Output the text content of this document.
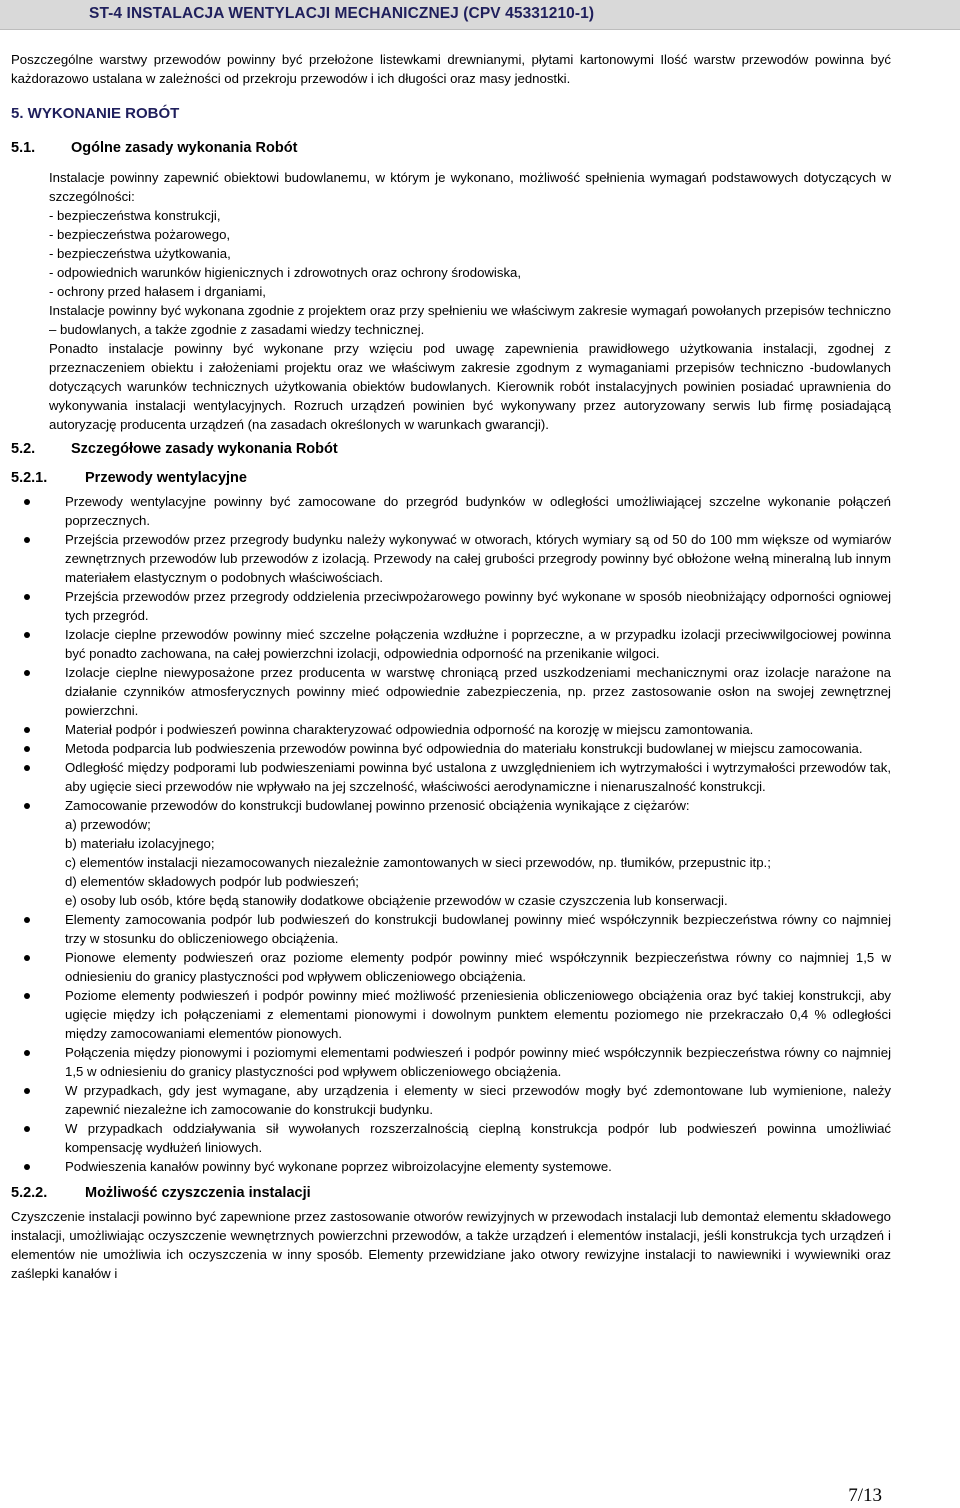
ST-4 INSTALACJA WENTYLACJI MECHANICZNEJ (CPV 45331210-1)

Poszczególne warstwy przewodów powinny być przełożone listewkami drewnianymi, płytami kartonowymi Ilość warstw przewodów powinna być każdorazowo ustalana w zależności od przekroju przewodów i ich długości oraz masy jednostki.

5. WYKONANIE ROBÓT
5.1.	Ogólne zasady wykonania Robót

Instalacje powinny zapewnić obiektowi budowlanemu, w którym je wykonano, możliwość spełnienia wymagań podstawowych dotyczących w szczególności:

- bezpieczeństwa konstrukcji,
- bezpieczeństwa pożarowego,
- bezpieczeństwa użytkowania,
- odpowiednich warunków higienicznych i zdrowotnych oraz ochrony środowiska,
- ochrony przed hałasem i drganiami,

Instalacje powinny być wykonana zgodnie z projektem oraz przy spełnieniu we właściwym zakresie wymagań powołanych przepisów techniczno – budowlanych, a także zgodnie z zasadami wiedzy technicznej.

Ponadto instalacje powinny być wykonane przy wzięciu pod uwagę zapewnienia prawidłowego użytkowania instalacji, zgodnej z przeznaczeniem obiektu i założeniami projektu oraz we właściwym zakresie zgodnym z wymaganiami przepisów techniczno -budowlanych dotyczących warunków technicznych użytkowania obiektów budowlanych. Kierownik robót instalacyjnych powinien posiadać uprawnienia do wykonywania instalacji wentylacyjnych. Rozruch urządzeń powinien być wykonywany przez autoryzowany serwis lub firmę posiadającą autoryzację producenta urządzeń (na zasadach określonych w warunkach gwarancji).

5.2.	Szczegółowe zasady wykonania Robót
5.2.1.	Przewody wentylacyjne
Przewody wentylacyjne powinny być zamocowane do przegród budynków w odległości umożliwiającej szczelne wykonanie połączeń poprzecznych.
Przejścia przewodów przez przegrody budynku należy wykonywać w otworach, których wymiary są od 50 do 100 mm większe od wymiarów zewnętrznych przewodów lub przewodów z izolacją. Przewody na całej grubości przegrody powinny być obłożone wełną mineralną lub innym materiałem elastycznym o podobnych właściwościach.
Przejścia przewodów przez przegrody oddzielenia przeciwpożarowego powinny być wykonane w sposób nieobniżający odporności ogniowej tych przegród.
Izolacje cieplne przewodów powinny mieć szczelne połączenia wzdłużne i poprzeczne, a w przypadku izolacji przeciwwilgociowej powinna być ponadto zachowana, na całej powierzchni izolacji, odpowiednia odporność na przenikanie wilgoci.
Izolacje cieplne niewyposażone przez producenta w warstwę chroniącą przed uszkodzeniami mechanicznymi oraz izolacje narażone na działanie czynników atmosferycznych powinny mieć odpowiednie zabezpieczenia, np. przez zastosowanie osłon na swojej zewnętrznej powierzchni.
Materiał podpór i podwieszeń powinna charakteryzować odpowiednia odporność na korozję w miejscu zamontowania.
Metoda podparcia lub podwieszenia przewodów powinna być odpowiednia do materiału konstrukcji budowlanej w miejscu zamocowania.
Odległość między podporami lub podwieszeniami powinna być ustalona z uwzględnieniem ich wytrzymałości i wytrzymałości przewodów tak, aby ugięcie sieci przewodów nie wpływało na jej szczelność, właściwości aerodynamiczne i nienaruszalność konstrukcji.
Zamocowanie przewodów do konstrukcji budowlanej powinno przenosić obciążenia wynikające z ciężarów:
a) przewodów;
b) materiału izolacyjnego;
c) elementów instalacji niezamocowanych niezależnie zamontowanych w sieci przewodów, np. tłumików, przepustnic itp.;
d) elementów składowych podpór lub podwieszeń;
e) osoby lub osób, które będą stanowiły dodatkowe obciążenie przewodów w czasie czyszczenia lub konserwacji.
Elementy zamocowania podpór lub podwieszeń do konstrukcji budowlanej powinny mieć współczynnik bezpieczeństwa równy co najmniej trzy w stosunku do obliczeniowego obciążenia.
Pionowe elementy podwieszeń oraz poziome elementy podpór powinny mieć współczynnik bezpieczeństwa równy co najmniej 1,5 w odniesieniu do granicy plastyczności pod wpływem obliczeniowego obciążenia.
Poziome elementy podwieszeń i podpór powinny mieć możliwość przeniesienia obliczeniowego obciążenia oraz być takiej konstrukcji, aby ugięcie między ich połączeniami z elementami pionowymi i dowolnym punktem elementu poziomego nie przekraczało 0,4 % odległości między zamocowaniami elementów pionowych.
Połączenia między pionowymi i poziomymi elementami podwieszeń i podpór powinny mieć współczynnik bezpieczeństwa równy co najmniej 1,5 w odniesieniu do granicy plastyczności pod wpływem obliczeniowego obciążenia.
W przypadkach, gdy jest wymagane, aby urządzenia i elementy w sieci przewodów mogły być zdemontowane lub wymienione, należy zapewnić niezależne ich zamocowanie do konstrukcji budynku.
W przypadkach oddziaływania sił wywołanych rozszerzalnością cieplną konstrukcja podpór lub podwieszeń powinna umożliwiać kompensację wydłużeń liniowych.
Podwieszenia kanałów powinny być wykonane poprzez wibroizolacyjne elementy systemowe.
5.2.2.	Możliwość czyszczenia instalacji

Czyszczenie instalacji powinno być zapewnione przez zastosowanie otworów rewizyjnych w przewodach instalacji lub demontaż elementu składowego instalacji, umożliwiając oczyszczenie wewnętrznych powierzchni przewodów, a także urządzeń i elementów instalacji, jeśli konstrukcja tych urządzeń i elementów nie umożliwia ich oczyszczenia w inny sposób. Elementy przewidziane jako otwory rewizyjne instalacji to nawiewniki i wywiewniki oraz zaślepki kanałów i

7/13
